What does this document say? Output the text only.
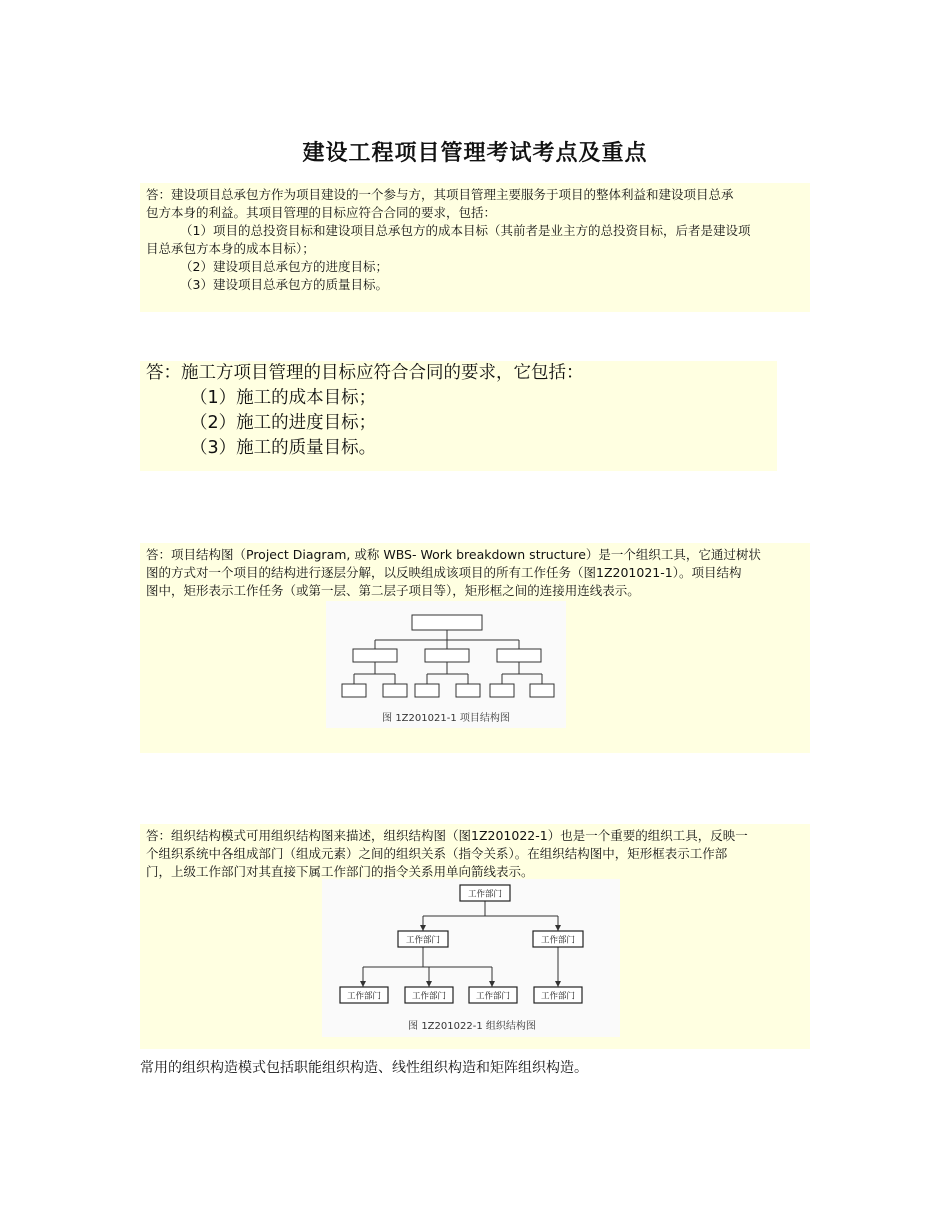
建设工程项目管理考试考点及重点

答：建设项目总承包方作为项目建设的一个参与方，其项目管理主要服务于项目的整体利益和建设项目总承

包方本身的利益。其项目管理的目标应符合合同的要求，包括：

（1）项目的总投资目标和建设项目总承包方的成本目标（其前者是业主方的总投资目标，后者是建设项

目总承包方本身的成本目标）；

（2）建设项目总承包方的进度目标；

（3）建设项目总承包方的质量目标。

答：施工方项目管理的目标应符合合同的要求，它包括：

（1）施工的成本目标；

（2）施工的进度目标；

（3）施工的质量目标。

答：项目结构图（Project Diagram, 或称 WBS- Work breakdown structure）是一个组织工具，它通过树状

图的方式对一个项目的结构进行逐层分解，以反映组成该项目的所有工作任务（图1Z201021-1）。项目结构

图中，矩形表示工作任务（或第一层、第二层子项目等），矩形框之间的连接用连线表示。

图 1Z201021-1 项目结构图

答：组织结构模式可用组织结构图来描述，组织结构图（图1Z201022-1）也是一个重要的组织工具，反映一

个组织系统中各组成部门（组成元素）之间的组织关系（指令关系）。在组织结构图中，矩形框表示工作部

门，上级工作部门对其直接下属工作部门的指令关系用单向箭线表示。

工作部门
工作部门	工作部门
工作部门	工作部门	工作部门	工作部门
图 1Z201022-1 组织结构图
常用的组织构造模式包括职能组织构造、线性组织构造和矩阵组织构造。
